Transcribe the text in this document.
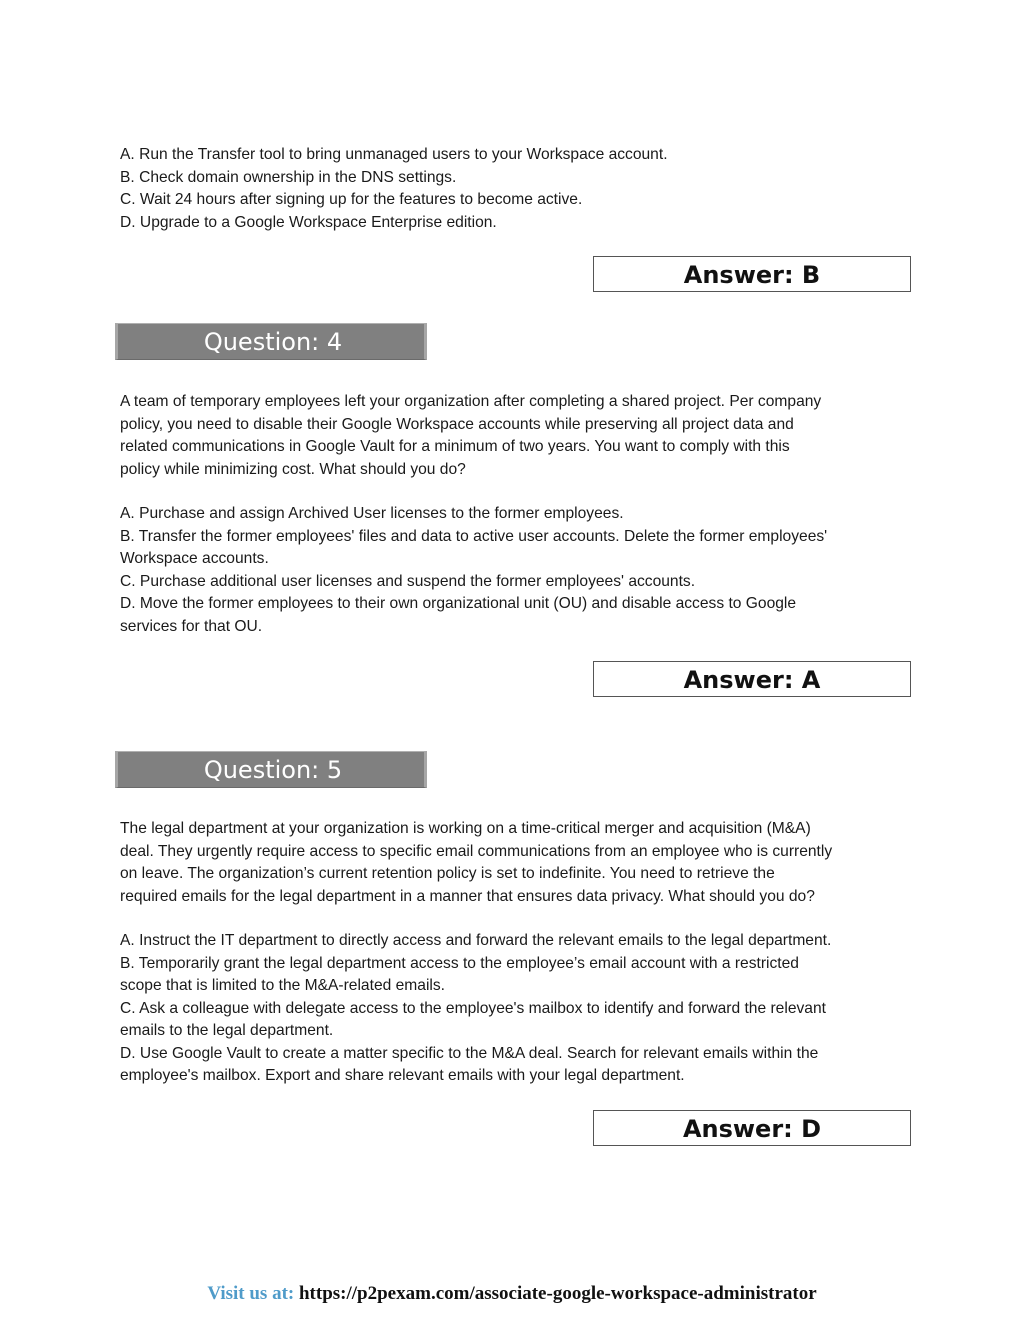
A. Run the Transfer tool to bring unmanaged users to your Workspace account.
B. Check domain ownership in the DNS settings.
C. Wait 24 hours after signing up for the features to become active.
D. Upgrade to a Google Workspace Enterprise edition.
Answer: B
Question: 4
A team of temporary employees left your organization after completing a shared project. Per company
policy, you need to disable their Google Workspace accounts while preserving all project data and
related communications in Google Vault for a minimum of two years. You want to comply with this
policy while minimizing cost. What should you do?
A. Purchase and assign Archived User licenses to the former employees.
B. Transfer the former employees' files and data to active user accounts. Delete the former employees'
Workspace accounts.
C. Purchase additional user licenses and suspend the former employees' accounts.
D. Move the former employees to their own organizational unit (OU) and disable access to Google
services for that OU.
Answer: A
Question: 5
The legal department at your organization is working on a time-critical merger and acquisition (M&A)
deal. They urgently require access to specific email communications from an employee who is currently
on leave. The organization’s current retention policy is set to indefinite. You need to retrieve the
required emails for the legal department in a manner that ensures data privacy. What should you do?
A. Instruct the IT department to directly access and forward the relevant emails to the legal department.
B. Temporarily grant the legal department access to the employee’s email account with a restricted
scope that is limited to the M&A-related emails.
C. Ask a colleague with delegate access to the employee's mailbox to identify and forward the relevant
emails to the legal department.
D. Use Google Vault to create a matter specific to the M&A deal. Search for relevant emails within the
employee's mailbox. Export and share relevant emails with your legal department.
Answer: D
Visit us at: https://p2pexam.com/associate-google-workspace-administrator
